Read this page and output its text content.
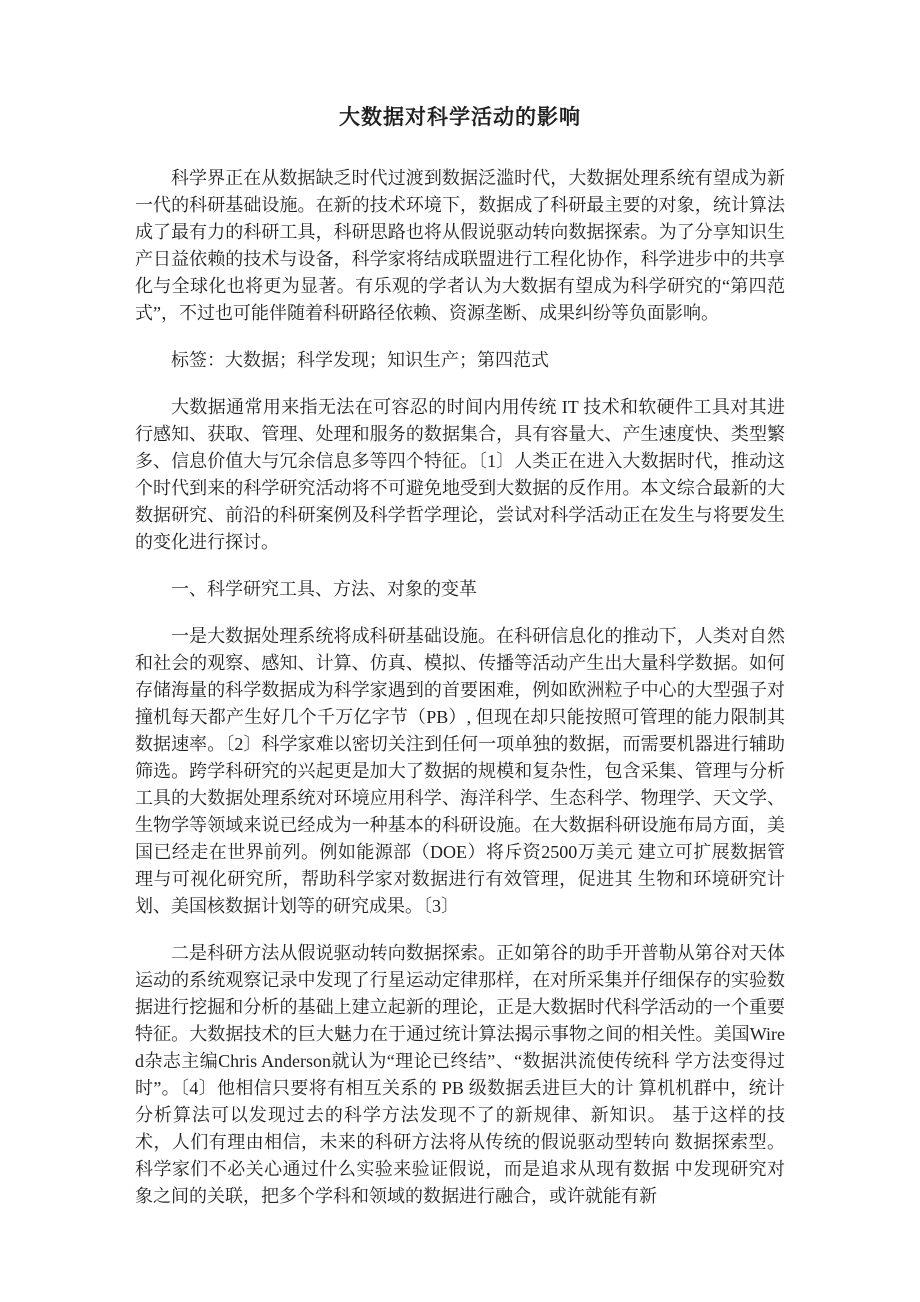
大数据对科学活动的影响

科学界正在从数据缺乏时代过渡到数据泛滥时代，大数据处理系统有望成为新一代的科研基础设施。在新的技术环境下，数据成了科研最主要的对象，统计算法成了最有力的科研工具，科研思路也将从假说驱动转向数据探索。为了分享知识生产日益依赖的技术与设备，科学家将结成联盟进行工程化协作，科学进步中的共享化与全球化也将更为显著。有乐观的学者认为大数据有望成为科学研究的“第四范式”，不过也可能伴随着科研路径依赖、资源垄断、成果纠纷等负面影响。

标签：大数据；科学发现；知识生产；第四范式

大数据通常用来指无法在可容忍的时间内用传统 IT 技术和软硬件工具对其进行感知、获取、管理、处理和服务的数据集合，具有容量大、产生速度快、类型繁多、信息价值大与冗余信息多等四个特征。〔1〕人类正在进入大数据时代，推动这个时代到来的科学研究活动将不可避免地受到大数据的反作用。本文综合最新的大数据研究、前沿的科研案例及科学哲学理论，尝试对科学活动正在发生与将要发生的变化进行探讨。

一、科学研究工具、方法、对象的变革

一是大数据处理系统将成科研基础设施。在科研信息化的推动下，人类对自然和社会的观察、感知、计算、仿真、模拟、传播等活动产生出大量科学数据。如何存储海量的科学数据成为科学家遇到的首要困难，例如欧洲粒子中心的大型强子对撞机每天都产生好几个千万亿字节（PB）, 但现在却只能按照可管理的能力限制其数据速率。〔2〕科学家难以密切关注到任何一项单独的数据，而需要机器进行辅助筛选。跨学科研究的兴起更是加大了数据的规模和复杂性，包含采集、管理与分析工具的大数据处理系统对环境应用科学、海洋科学、生态科学、物理学、天文学、生物学等领域来说已经成为一种基本的科研设施。在大数据科研设施布局方面，美国已经走在世界前列。例如能源部（DOE）将斥资2500万美元 建立可扩展数据管理与可视化研究所，帮助科学家对数据进行有效管理，促进其 生物和环境研究计划、美国核数据计划等的研究成果。〔3〕

二是科研方法从假说驱动转向数据探索。正如第谷的助手开普勒从第谷对天体运动的系统观察记录中发现了行星运动定律那样，在对所采集并仔细保存的实验数据进行挖掘和分析的基础上建立起新的理论，正是大数据时代科学活动的一个重要特征。大数据技术的巨大魅力在于通过统计算法揭示事物之间的相关性。美国Wired杂志主编Chris Anderson就认为“理论已终结”、“数据洪流使传统科 学方法变得过时”。〔4〕他相信只要将有相互关系的 PB 级数据丢进巨大的计 算机机群中，统计分析算法可以发现过去的科学方法发现不了的新规律、新知识。 基于这样的技术，人们有理由相信，未来的科研方法将从传统的假说驱动型转向 数据探索型。科学家们不必关心通过什么实验来验证假说，而是追求从现有数据 中发现研究对象之间的关联，把多个学科和领域的数据进行融合，或许就能有新
